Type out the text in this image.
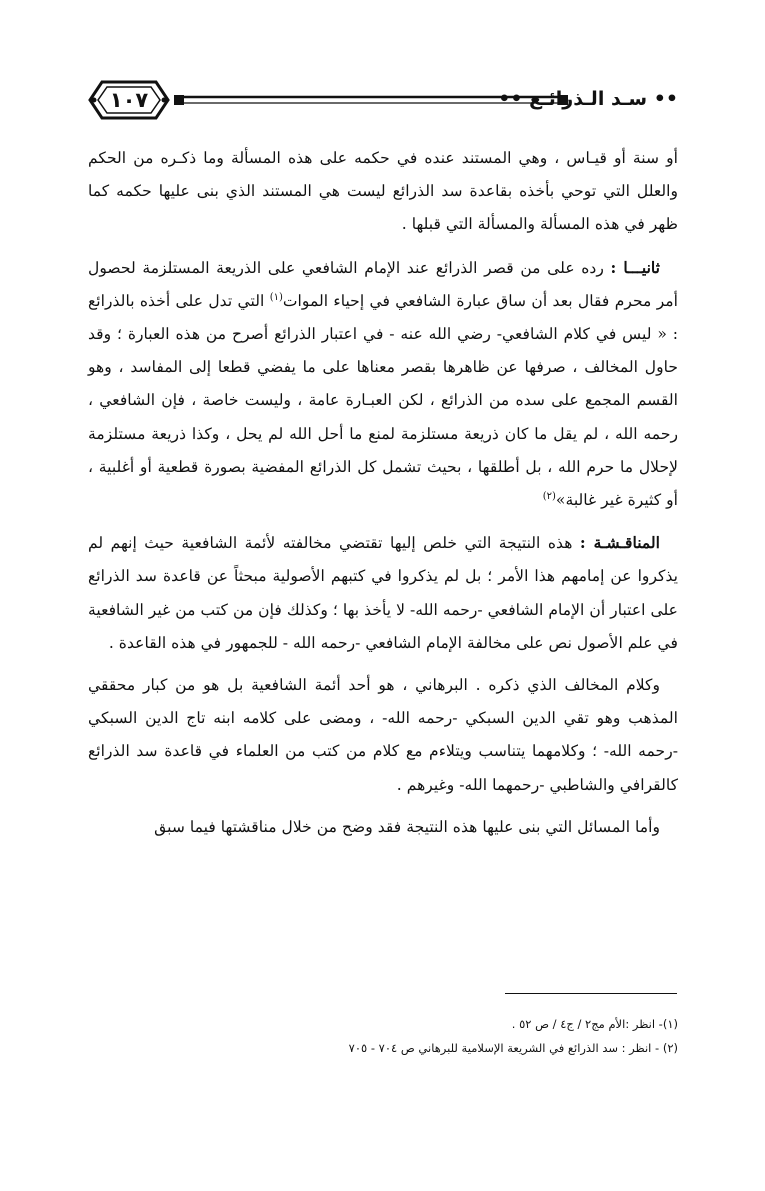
١٠٧	•• سـد الـذرائـع ••

أو سنة أو قيـاس ، وهي المستند عنده في حكمه على هذه المسألة وما ذكـره من الحكم والعلل التي توحي بأخذه بقاعدة سد الذرائع ليست هي المستند الذي بنى عليها حكمه كما ظهر في هذه المسألة والمسألة التي قبلها .

ثانيـــا : رده على من قصر الذرائع عند الإمام الشافعي على الذريعة المستلزمة لحصول أمر محرم فقال بعد أن ساق عبارة الشافعي في إحياء الموات$^{(١)}$ التي تدل على أخذه بالذرائع : « ليس في كلام الشافعي- رضي الله عنه - في اعتبار الذرائع أصرح من هذه العبارة ؛ وقد حاول المخالف ، صرفها عن ظاهرها بقصر معناها على ما يفضي قطعا إلى المفاسد ، وهو القسم المجمع على سده من الذرائع ، لكن العبـارة عامة ، وليست خاصة ، فإن الشافعي ، رحمه الله ، لم يقل ما كان ذريعة مستلزمة لمنع ما أحل الله لم يحل ، وكذا ذريعة مستلزمة لإحلال ما حرم الله ، بل أطلقها ، بحيث تشمل كل الذرائع المفضية بصورة قطعية أو أغلبية ، أو كثيرة غير غالبة»$^{(٢)}$

المناقـشـة : هذه النتيجة التي خلص إليها تقتضي مخالفته لأئمة الشافعية حيث إنهم لم يذكروا عن إمامهم هذا الأمر ؛ بل لم يذكروا في كتبهم الأصولية مبحثاً عن قاعدة سد الذرائع على اعتبار أن الإمام الشافعي -رحمه الله- لا يأخذ بها ؛ وكذلك فإن من كتب من غير الشافعية في علم الأصول نص على مخالفة الإمام الشافعي -رحمه الله - للجمهور في هذه القاعدة .

وكلام المخالف الذي ذكره . البرهاني ، هو أحد أئمة الشافعية بل هو من كبار محققي المذهب وهو تقي الدين السبكي -رحمه الله- ، ومضى على كلامه ابنه تاج الدين السبكي -رحمه الله- ؛ وكلامهما يتناسب ويتلاءم مع كلام من كتب من العلماء في قاعدة سد الذرائع كالقرافي والشاطبي -رحمهما الله- وغيرهم .

وأما المسائل التي بنى عليها هذه النتيجة فقد وضح من خلال مناقشتها فيما سبق

(١)- انظر :الأم مج٢ / ج٤ / ص ٥٢ .
(٢) - انظر : سد الذرائع في الشريعة الإسلامية للبرهاني ص ٧٠٤ - ٧٠٥
